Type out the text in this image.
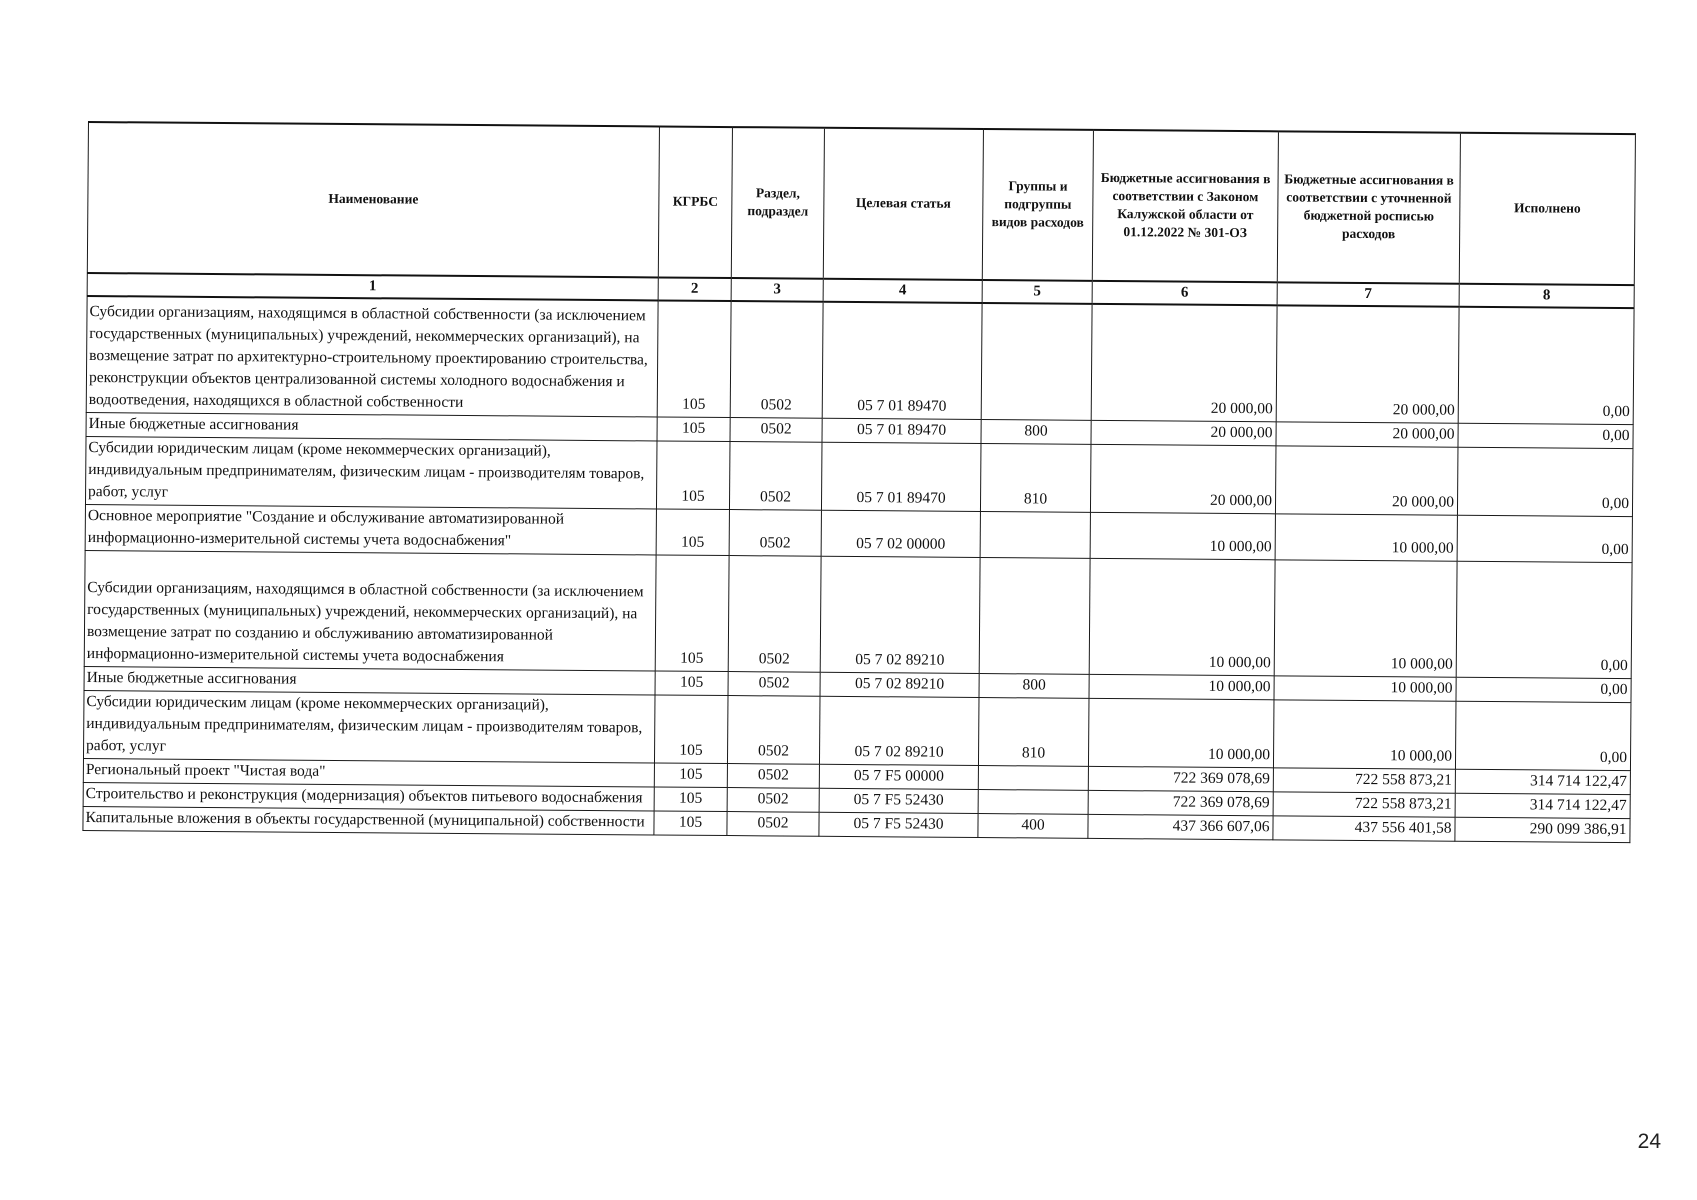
Наименование	КГРБС	Раздел, подраздел	Целевая статья	Группы и подгруппы видов расходов	Бюджетные ассигнования в соответствии с Законом Калужской области от 01.12.2022 № 301-ОЗ	Бюджетные ассигнования в соответствии с уточненной бюджетной росписью расходов	Исполнено
1	2	3	4	5	6	7	8
Субсидии организациям, находящимся в областной собственности (за исключением государственных (муниципальных) учреждений, некоммерческих организаций), на возмещение затрат по архитектурно-строительному проектированию строительства, реконструкции объектов централизованной системы холодного водоснабжения и водоотведения, находящихся в областной собственности	105	0502	05 7 01 89470		20 000,00	20 000,00	0,00
Иные бюджетные ассигнования	105	0502	05 7 01 89470	800	20 000,00	20 000,00	0,00
Субсидии юридическим лицам (кроме некоммерческих организаций), индивидуальным предпринимателям, физическим лицам - производителям товаров, работ, услуг	105	0502	05 7 01 89470	810	20 000,00	20 000,00	0,00
Основное мероприятие "Создание и обслуживание автоматизированной информационно-измерительной системы учета водоснабжения"	105	0502	05 7 02 00000		10 000,00	10 000,00	0,00
Субсидии организациям, находящимся в областной собственности (за исключением государственных (муниципальных) учреждений, некоммерческих организаций), на возмещение затрат по созданию и обслуживанию автоматизированной информационно-измерительной системы учета водоснабжения	105	0502	05 7 02 89210		10 000,00	10 000,00	0,00
Иные бюджетные ассигнования	105	0502	05 7 02 89210	800	10 000,00	10 000,00	0,00
Субсидии юридическим лицам (кроме некоммерческих организаций), индивидуальным предпринимателям, физическим лицам - производителям товаров, работ, услуг	105	0502	05 7 02 89210	810	10 000,00	10 000,00	0,00
Региональный проект "Чистая вода"	105	0502	05 7 F5 00000		722 369 078,69	722 558 873,21	314 714 122,47
Строительство и реконструкция (модернизация) объектов питьевого водоснабжения	105	0502	05 7 F5 52430		722 369 078,69	722 558 873,21	314 714 122,47
Капитальные вложения в объекты государственной (муниципальной) собственности	105	0502	05 7 F5 52430	400	437 366 607,06	437 556 401,58	290 099 386,91
24
